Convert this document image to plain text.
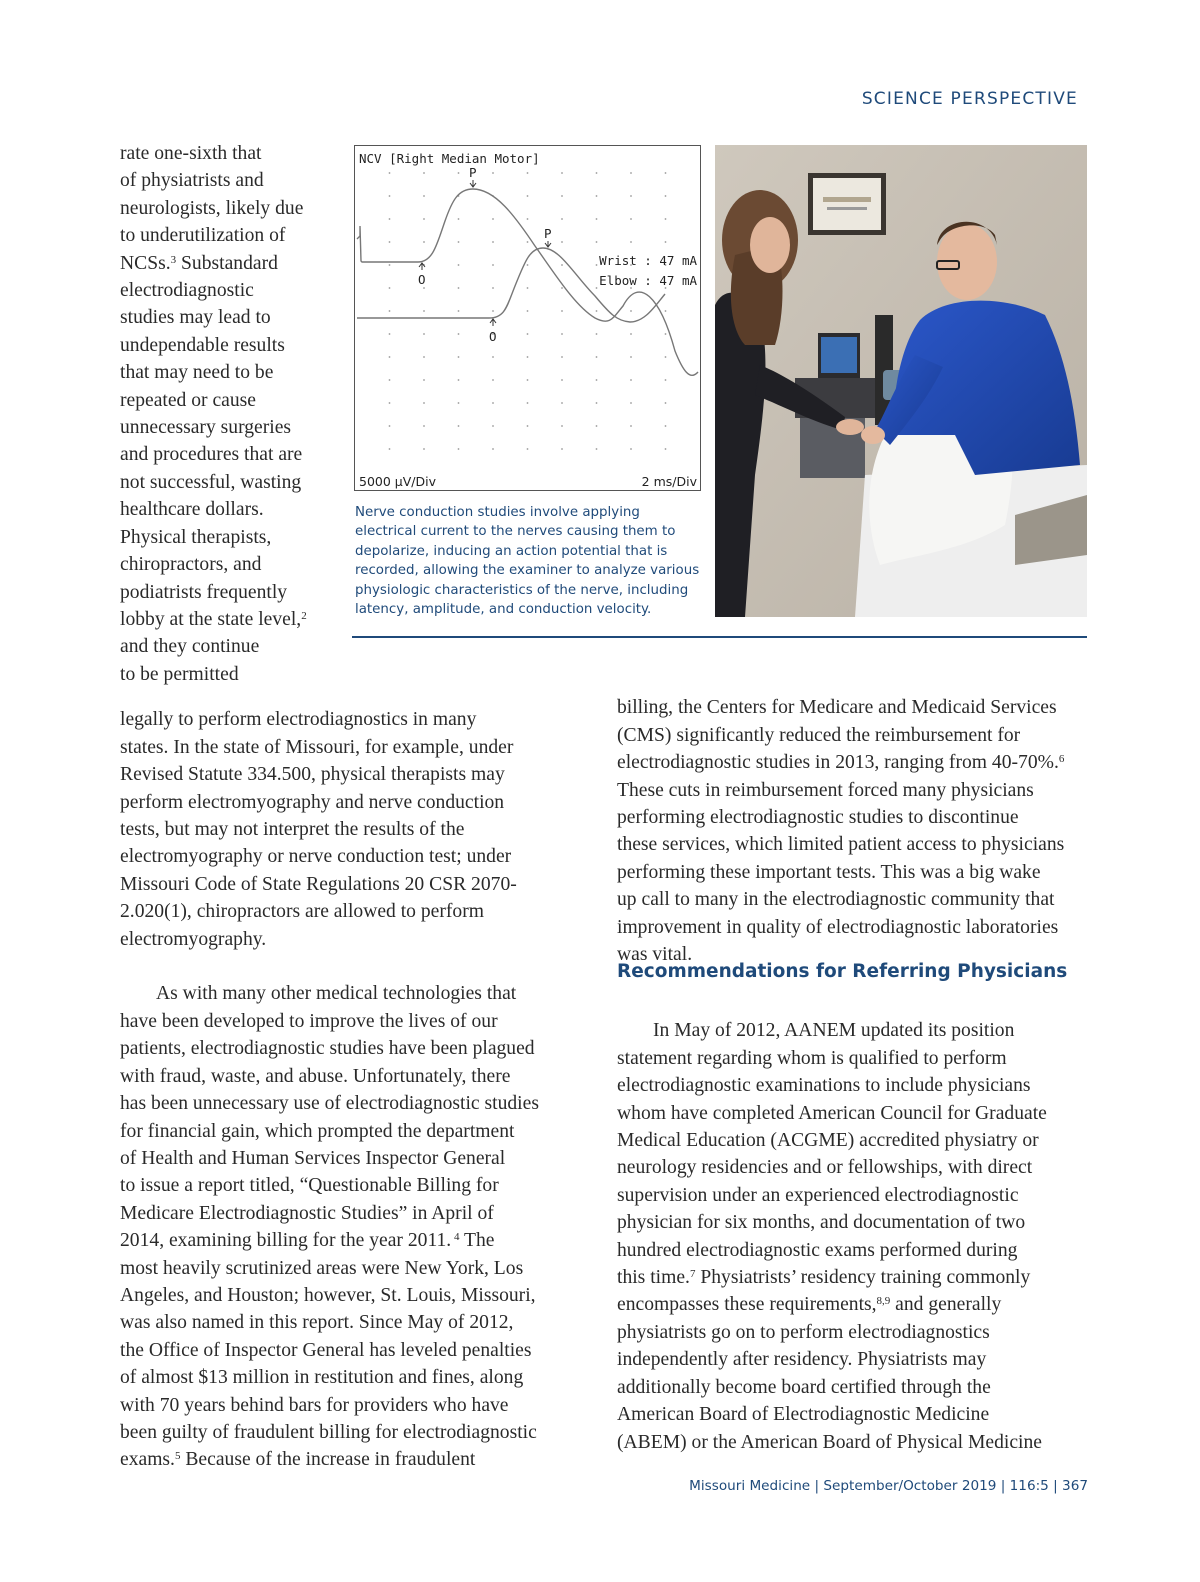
SCIENCE PERSPECTIVE

rate one-sixth that
of physiatrists and
neurologists, likely due
to underutilization of
NCSs.$^3$ Substandard
electrodiagnostic
studies may lead to
undependable results
that may need to be
repeated or cause
unnecessary surgeries
and procedures that are
not successful, wasting
healthcare dollars.
Physical therapists,
chiropractors, and
podiatrists frequently
lobby at the state level,$^2$
and they continue
to be permitted

legally to perform electrodiagnostics in many
states. In the state of Missouri, for example, under
Revised Statute 334.500, physical therapists may
perform electromyography and nerve conduction
tests, but may not interpret the results of the
electromyography or nerve conduction test; under
Missouri Code of State Regulations 20 CSR 2070-
2.020(1), chiropractors are allowed to perform
electromyography.

As with many other medical technologies that
have been developed to improve the lives of our
patients, electrodiagnostic studies have been plagued
with fraud, waste, and abuse. Unfortunately, there
has been unnecessary use of electrodiagnostic studies
for financial gain, which prompted the department
of Health and Human Services Inspector General
to issue a report titled, “Questionable Billing for
Medicare Electrodiagnostic Studies” in April of
2014, examining billing for the year 2011. $^4$ The
most heavily scrutinized areas were New York, Los
Angeles, and Houston; however, St. Louis, Missouri,
was also named in this report. Since May of 2012,
the Office of Inspector General has leveled penalties
of almost $13 million in restitution and fines, along
with 70 years behind bars for providers who have
been guilty of fraudulent billing for electrodiagnostic
exams.$^5$ Because of the increase in fraudulent

billing, the Centers for Medicare and Medicaid Services
(CMS) significantly reduced the reimbursement for
electrodiagnostic studies in 2013, ranging from 40-70%.$^6$
These cuts in reimbursement forced many physicians
performing electrodiagnostic studies to discontinue
these services, which limited patient access to physicians
performing these important tests. This was a big wake
up call to many in the electrodiagnostic community that
improvement in quality of electrodiagnostic laboratories
was vital.

Recommendations for Referring Physicians

In May of 2012, AANEM updated its position
statement regarding whom is qualified to perform
electrodiagnostic examinations to include physicians
whom have completed American Council for Graduate
Medical Education (ACGME) accredited physiatry or
neurology residencies and or fellowships, with direct
supervision under an experienced electrodiagnostic
physician for six months, and documentation of two
hundred electrodiagnostic exams performed during
this time.$^7$ Physiatrists’ residency training commonly
encompasses these requirements,$^{8,9}$ and generally
physiatrists go on to perform electrodiagnostics
independently after residency. Physiatrists may
additionally become board certified through the
American Board of Electrodiagnostic Medicine
(ABEM) or the American Board of Physical Medicine

NCV [Right Median Motor]
P
P
O
O
Wrist : 47 mA
Elbow : 47 mA
5000 µV/Div	2 ms/Div

Nerve conduction studies involve applying electrical current to the nerves causing them to depolarize, inducing an action potential that is recorded, allowing the examiner to analyze various physiologic characteristics of the nerve, including latency, amplitude, and conduction velocity.

Missouri Medicine | September/October 2019 | 116:5 | 367
